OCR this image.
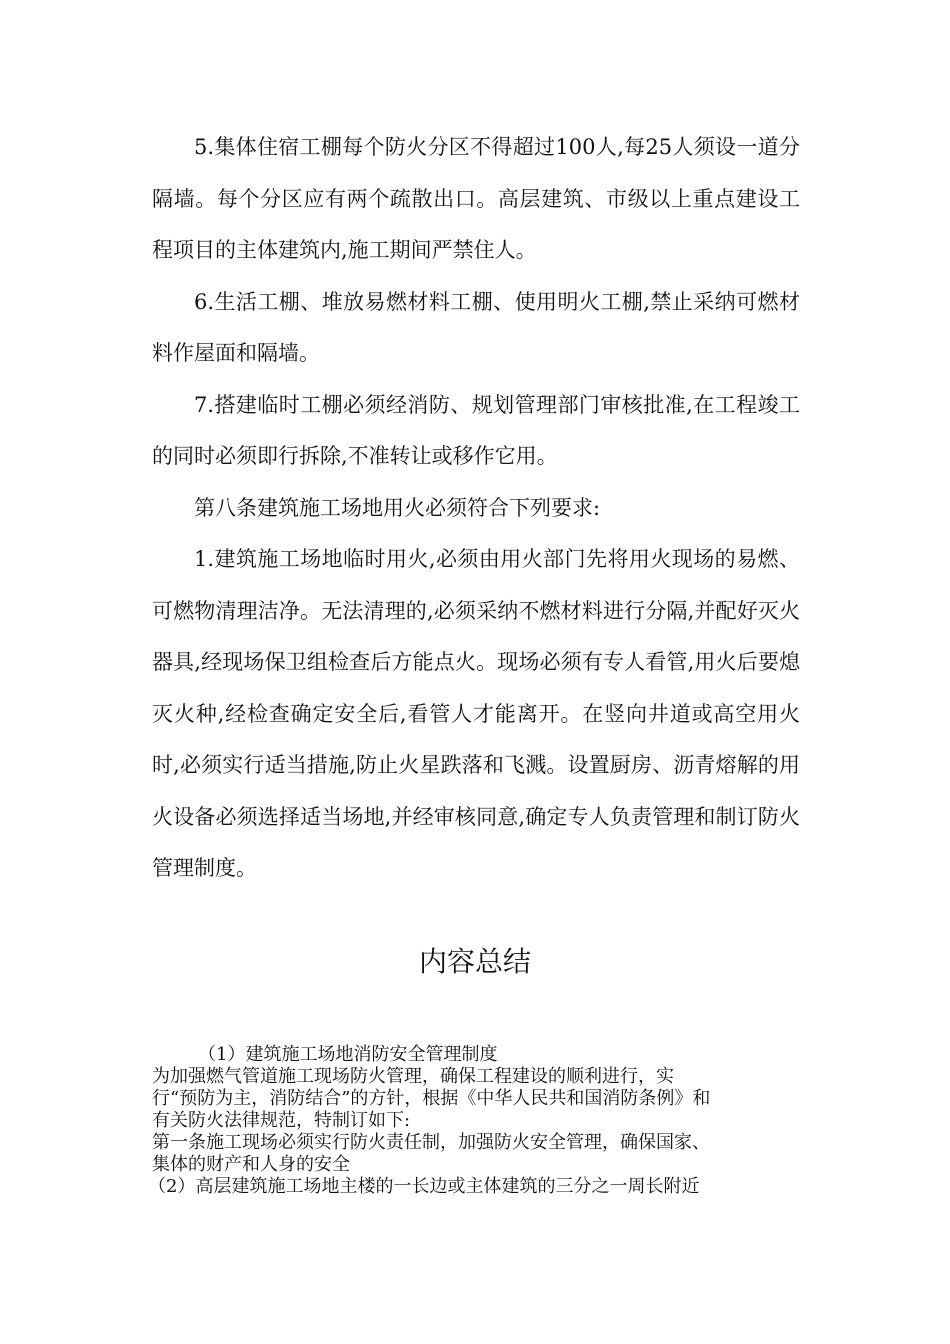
5.集体住宿工棚每个防火分区不得超过100人,每25人须设一道分隔墙。每个分区应有两个疏散出口。高层建筑、市级以上重点建设工程项目的主体建筑内,施工期间严禁住人。

6.生活工棚、堆放易燃材料工棚、使用明火工棚,禁止采纳可燃材料作屋面和隔墙。

7.搭建临时工棚必须经消防、规划管理部门审核批准,在工程竣工的同时必须即行拆除,不准转让或移作它用。

第八条建筑施工场地用火必须符合下列要求:

1.建筑施工场地临时用火,必须由用火部门先将用火现场的易燃、可燃物清理洁净。无法清理的,必须采纳不燃材料进行分隔,并配好灭火器具,经现场保卫组检查后方能点火。现场必须有专人看管,用火后要熄灭火种,经检查确定安全后,看管人才能离开。在竖向井道或高空用火时,必须实行适当措施,防止火星跌落和飞溅。设置厨房、沥青熔解的用火设备必须选择适当场地,并经审核同意,确定专人负责管理和制订防火管理制度。

内容总结

（1）建筑施工场地消防安全管理制度

为加强燃气管道施工现场防火管理，确保工程建设的顺利进行，实

行“预防为主，消防结合”的方针，根据《中华人民共和国消防条例》和

有关防火法律规范，特制订如下:

第一条施工现场必须实行防火责任制，加强防火安全管理，确保国家、

集体的财产和人身的安全

（2）高层建筑施工场地主楼的一长边或主体建筑的三分之一周长附近
